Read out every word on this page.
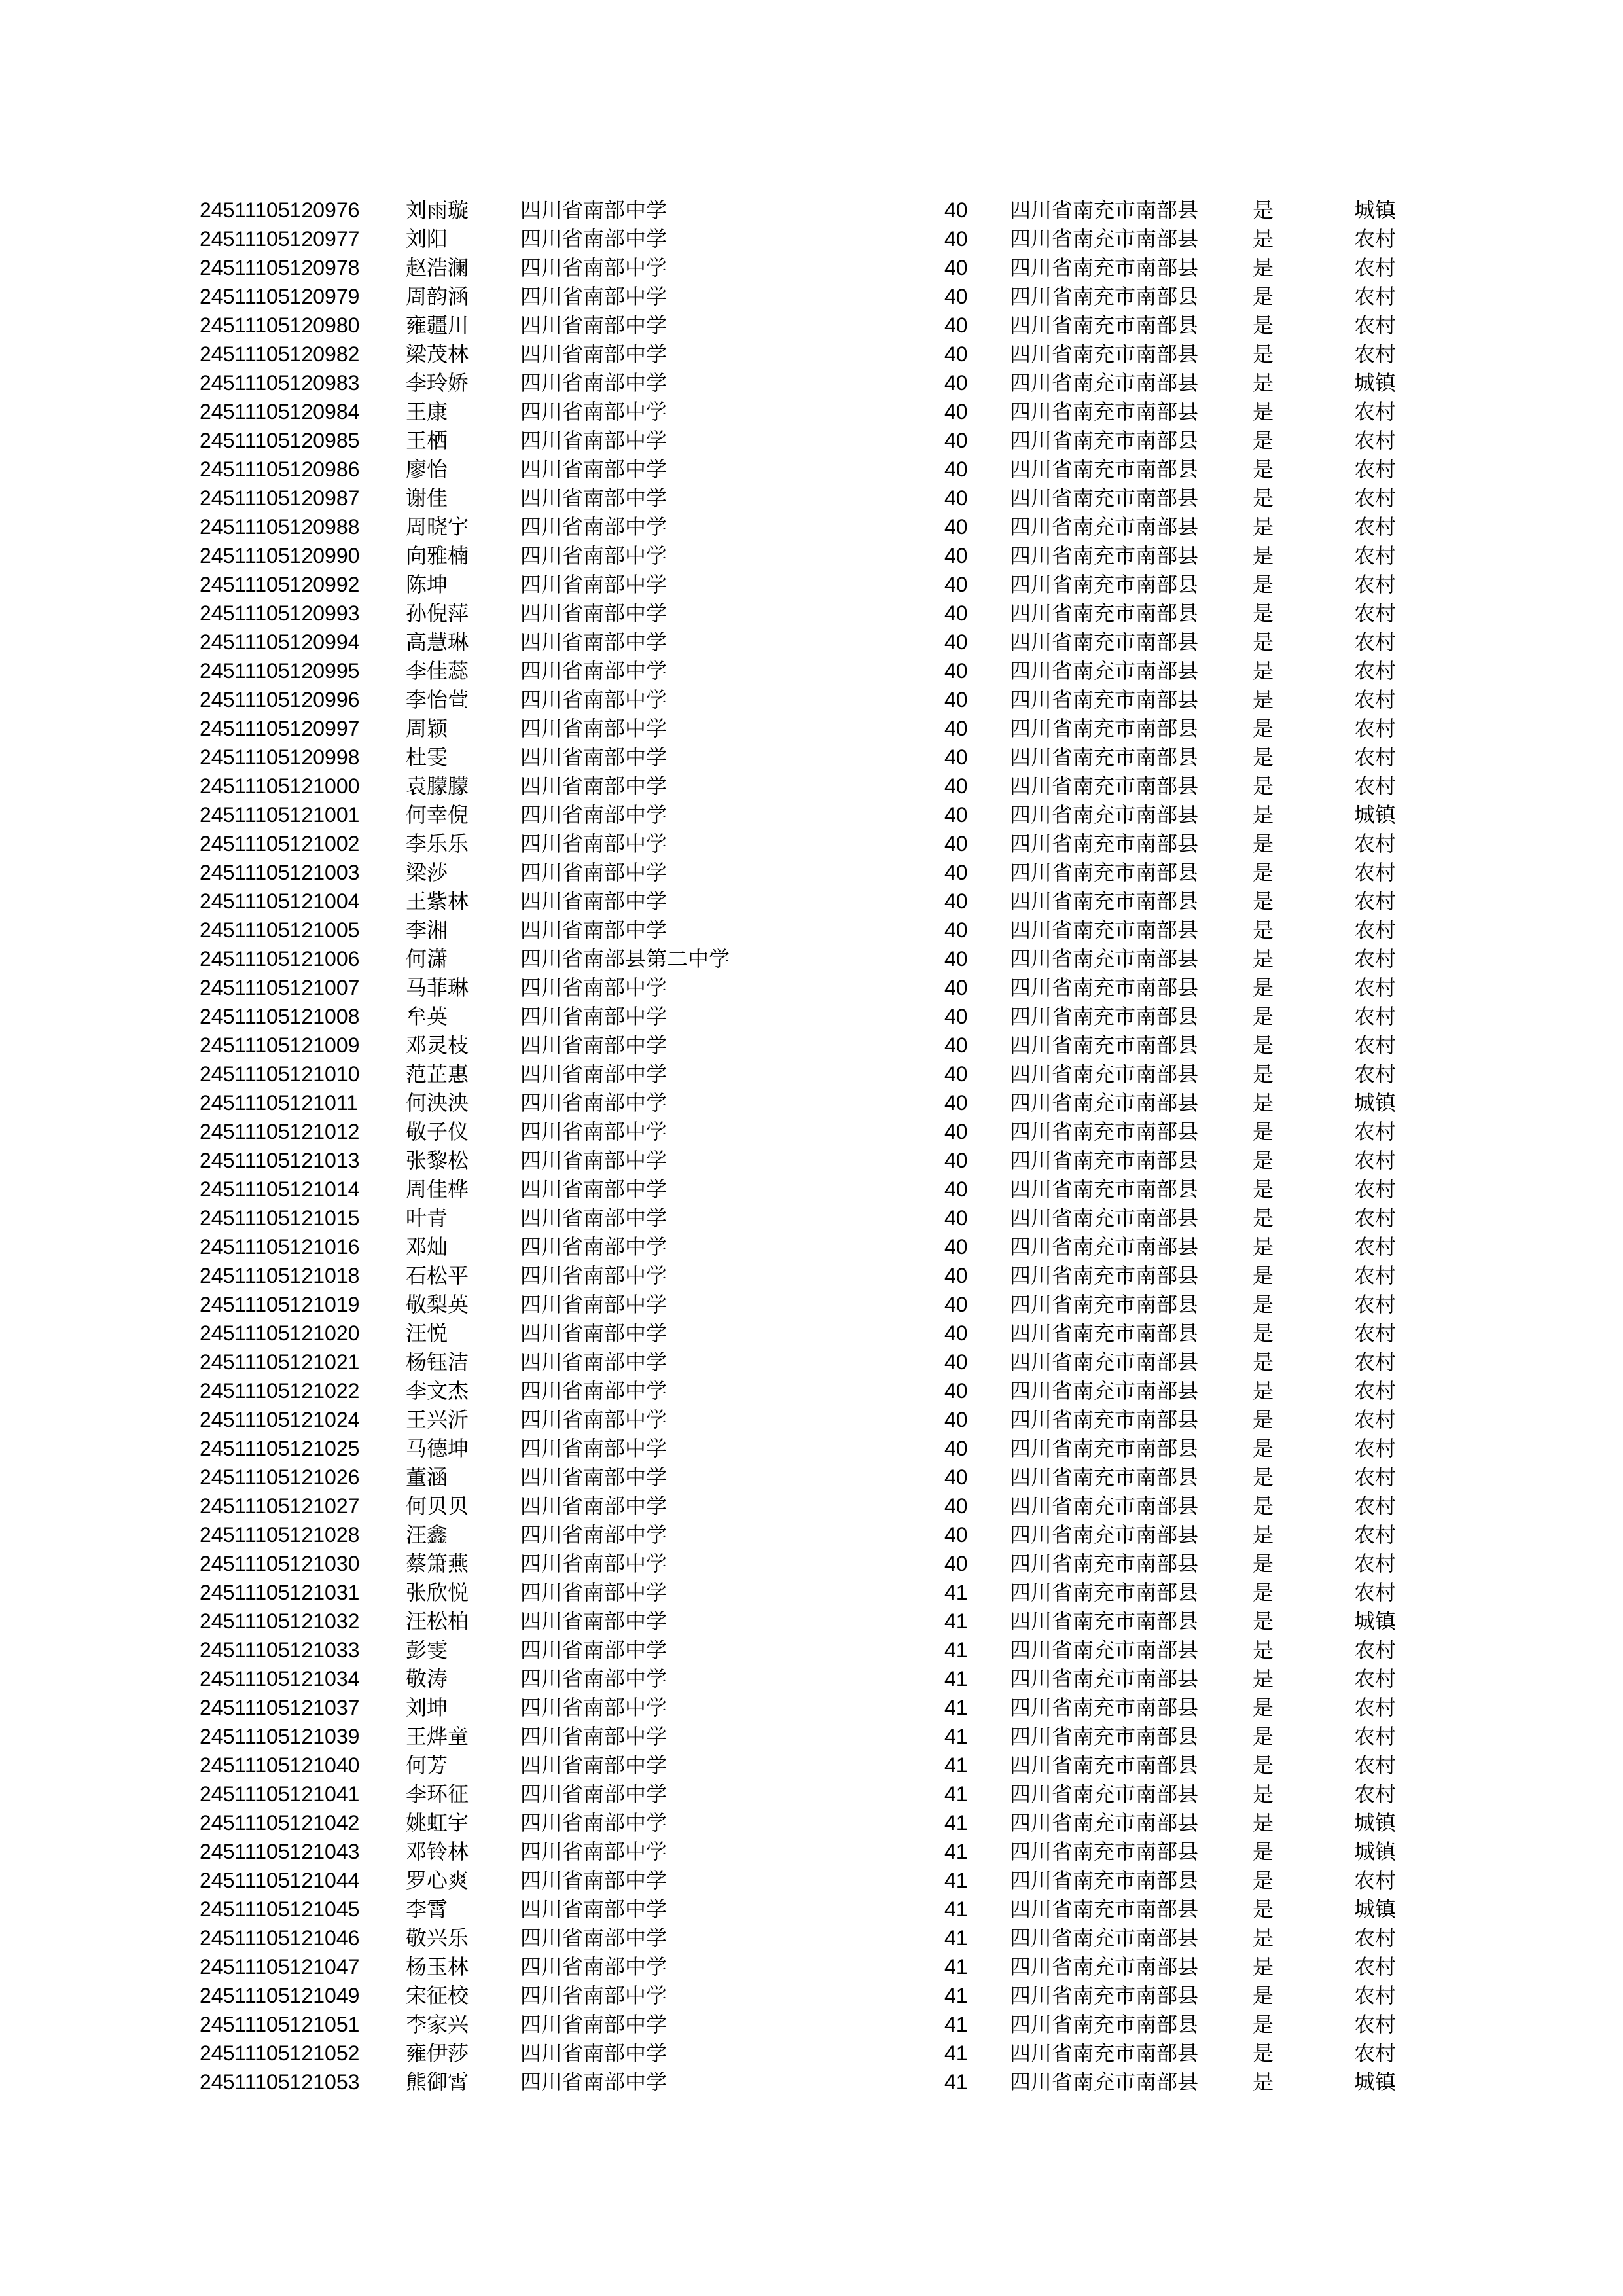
24511105120976	刘雨璇	四川省南部中学	40	四川省南充市南部县	是	城镇
24511105120977	刘阳	四川省南部中学	40	四川省南充市南部县	是	农村
24511105120978	赵浩澜	四川省南部中学	40	四川省南充市南部县	是	农村
24511105120979	周韵涵	四川省南部中学	40	四川省南充市南部县	是	农村
24511105120980	雍疆川	四川省南部中学	40	四川省南充市南部县	是	农村
24511105120982	梁茂林	四川省南部中学	40	四川省南充市南部县	是	农村
24511105120983	李玲娇	四川省南部中学	40	四川省南充市南部县	是	城镇
24511105120984	王康	四川省南部中学	40	四川省南充市南部县	是	农村
24511105120985	王栖	四川省南部中学	40	四川省南充市南部县	是	农村
24511105120986	廖怡	四川省南部中学	40	四川省南充市南部县	是	农村
24511105120987	谢佳	四川省南部中学	40	四川省南充市南部县	是	农村
24511105120988	周晓宇	四川省南部中学	40	四川省南充市南部县	是	农村
24511105120990	向雅楠	四川省南部中学	40	四川省南充市南部县	是	农村
24511105120992	陈坤	四川省南部中学	40	四川省南充市南部县	是	农村
24511105120993	孙倪萍	四川省南部中学	40	四川省南充市南部县	是	农村
24511105120994	高慧琳	四川省南部中学	40	四川省南充市南部县	是	农村
24511105120995	李佳蕊	四川省南部中学	40	四川省南充市南部县	是	农村
24511105120996	李怡萱	四川省南部中学	40	四川省南充市南部县	是	农村
24511105120997	周颖	四川省南部中学	40	四川省南充市南部县	是	农村
24511105120998	杜雯	四川省南部中学	40	四川省南充市南部县	是	农村
24511105121000	袁朦朦	四川省南部中学	40	四川省南充市南部县	是	农村
24511105121001	何幸倪	四川省南部中学	40	四川省南充市南部县	是	城镇
24511105121002	李乐乐	四川省南部中学	40	四川省南充市南部县	是	农村
24511105121003	梁莎	四川省南部中学	40	四川省南充市南部县	是	农村
24511105121004	王紫林	四川省南部中学	40	四川省南充市南部县	是	农村
24511105121005	李湘	四川省南部中学	40	四川省南充市南部县	是	农村
24511105121006	何潇	四川省南部县第二中学	40	四川省南充市南部县	是	农村
24511105121007	马菲琳	四川省南部中学	40	四川省南充市南部县	是	农村
24511105121008	牟英	四川省南部中学	40	四川省南充市南部县	是	农村
24511105121009	邓灵枝	四川省南部中学	40	四川省南充市南部县	是	农村
24511105121010	范芷惠	四川省南部中学	40	四川省南充市南部县	是	农村
24511105121011	何泱泱	四川省南部中学	40	四川省南充市南部县	是	城镇
24511105121012	敬子仪	四川省南部中学	40	四川省南充市南部县	是	农村
24511105121013	张黎松	四川省南部中学	40	四川省南充市南部县	是	农村
24511105121014	周佳桦	四川省南部中学	40	四川省南充市南部县	是	农村
24511105121015	叶青	四川省南部中学	40	四川省南充市南部县	是	农村
24511105121016	邓灿	四川省南部中学	40	四川省南充市南部县	是	农村
24511105121018	石松平	四川省南部中学	40	四川省南充市南部县	是	农村
24511105121019	敬梨英	四川省南部中学	40	四川省南充市南部县	是	农村
24511105121020	汪悦	四川省南部中学	40	四川省南充市南部县	是	农村
24511105121021	杨钰洁	四川省南部中学	40	四川省南充市南部县	是	农村
24511105121022	李文杰	四川省南部中学	40	四川省南充市南部县	是	农村
24511105121024	王兴沂	四川省南部中学	40	四川省南充市南部县	是	农村
24511105121025	马德坤	四川省南部中学	40	四川省南充市南部县	是	农村
24511105121026	董涵	四川省南部中学	40	四川省南充市南部县	是	农村
24511105121027	何贝贝	四川省南部中学	40	四川省南充市南部县	是	农村
24511105121028	汪鑫	四川省南部中学	40	四川省南充市南部县	是	农村
24511105121030	蔡箫燕	四川省南部中学	40	四川省南充市南部县	是	农村
24511105121031	张欣悦	四川省南部中学	41	四川省南充市南部县	是	农村
24511105121032	汪松柏	四川省南部中学	41	四川省南充市南部县	是	城镇
24511105121033	彭雯	四川省南部中学	41	四川省南充市南部县	是	农村
24511105121034	敬涛	四川省南部中学	41	四川省南充市南部县	是	农村
24511105121037	刘坤	四川省南部中学	41	四川省南充市南部县	是	农村
24511105121039	王烨童	四川省南部中学	41	四川省南充市南部县	是	农村
24511105121040	何芳	四川省南部中学	41	四川省南充市南部县	是	农村
24511105121041	李环征	四川省南部中学	41	四川省南充市南部县	是	农村
24511105121042	姚虹宇	四川省南部中学	41	四川省南充市南部县	是	城镇
24511105121043	邓铃林	四川省南部中学	41	四川省南充市南部县	是	城镇
24511105121044	罗心爽	四川省南部中学	41	四川省南充市南部县	是	农村
24511105121045	李霄	四川省南部中学	41	四川省南充市南部县	是	城镇
24511105121046	敬兴乐	四川省南部中学	41	四川省南充市南部县	是	农村
24511105121047	杨玉林	四川省南部中学	41	四川省南充市南部县	是	农村
24511105121049	宋征校	四川省南部中学	41	四川省南充市南部县	是	农村
24511105121051	李家兴	四川省南部中学	41	四川省南充市南部县	是	农村
24511105121052	雍伊莎	四川省南部中学	41	四川省南充市南部县	是	农村
24511105121053	熊御霄	四川省南部中学	41	四川省南充市南部县	是	城镇
